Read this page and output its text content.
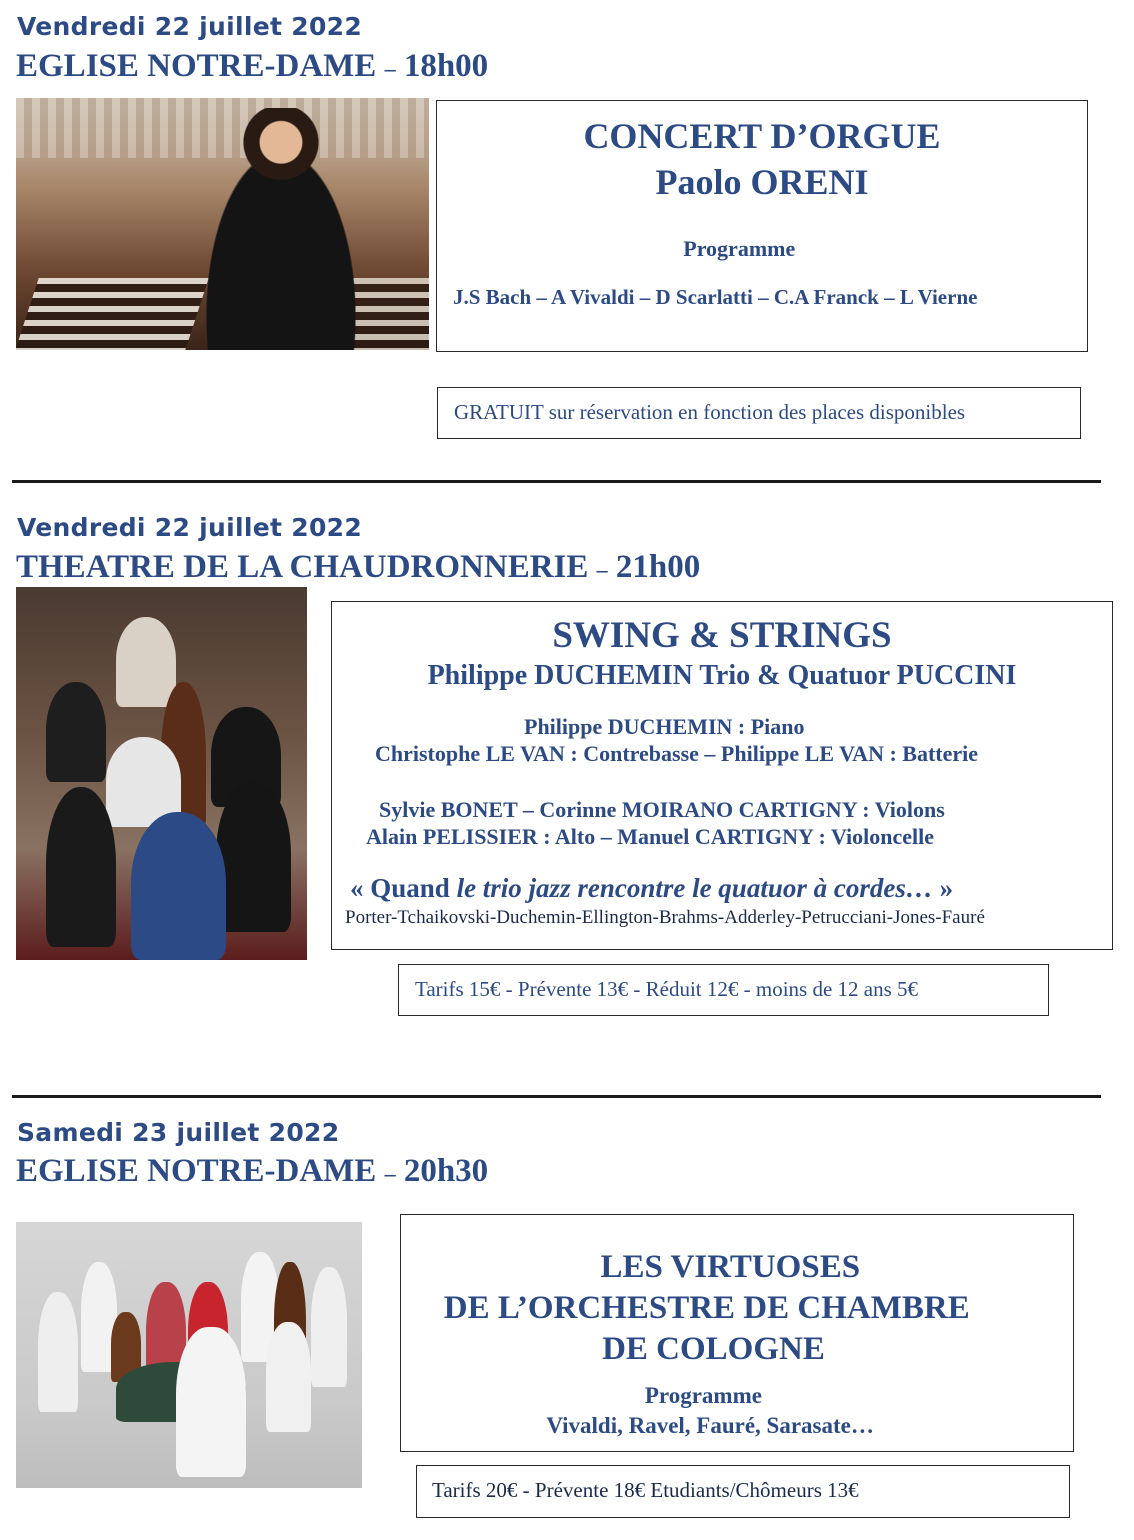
Vendredi 22 juillet 2022
EGLISE NOTRE-DAME – 18h00
CONCERT D’ORGUE
Paolo ORENI
Programme
J.S Bach – A Vivaldi – D Scarlatti – C.A Franck – L Vierne
GRATUIT sur réservation en fonction des places disponibles
Vendredi 22 juillet 2022
THEATRE DE LA CHAUDRONNERIE – 21h00
SWING & STRINGS
Philippe DUCHEMIN Trio & Quatuor PUCCINI
Philippe DUCHEMIN : Piano
Christophe LE VAN : Contrebasse – Philippe LE VAN : Batterie
Sylvie BONET – Corinne MOIRANO CARTIGNY : Violons
Alain PELISSIER : Alto – Manuel CARTIGNY : Violoncelle
« Quand le trio jazz rencontre le quatuor à cordes… »
Porter-Tchaikovski-Duchemin-Ellington-Brahms-Adderley-Petrucciani-Jones-Fauré
Tarifs 15€ - Prévente 13€ - Réduit 12€ - moins de 12 ans 5€
Samedi 23 juillet 2022
EGLISE NOTRE-DAME – 20h30
LES VIRTUOSES
DE L’ORCHESTRE DE CHAMBRE
DE COLOGNE
Programme
Vivaldi, Ravel, Fauré, Sarasate…
Tarifs 20€ - Prévente 18€ Etudiants/Chômeurs 13€
